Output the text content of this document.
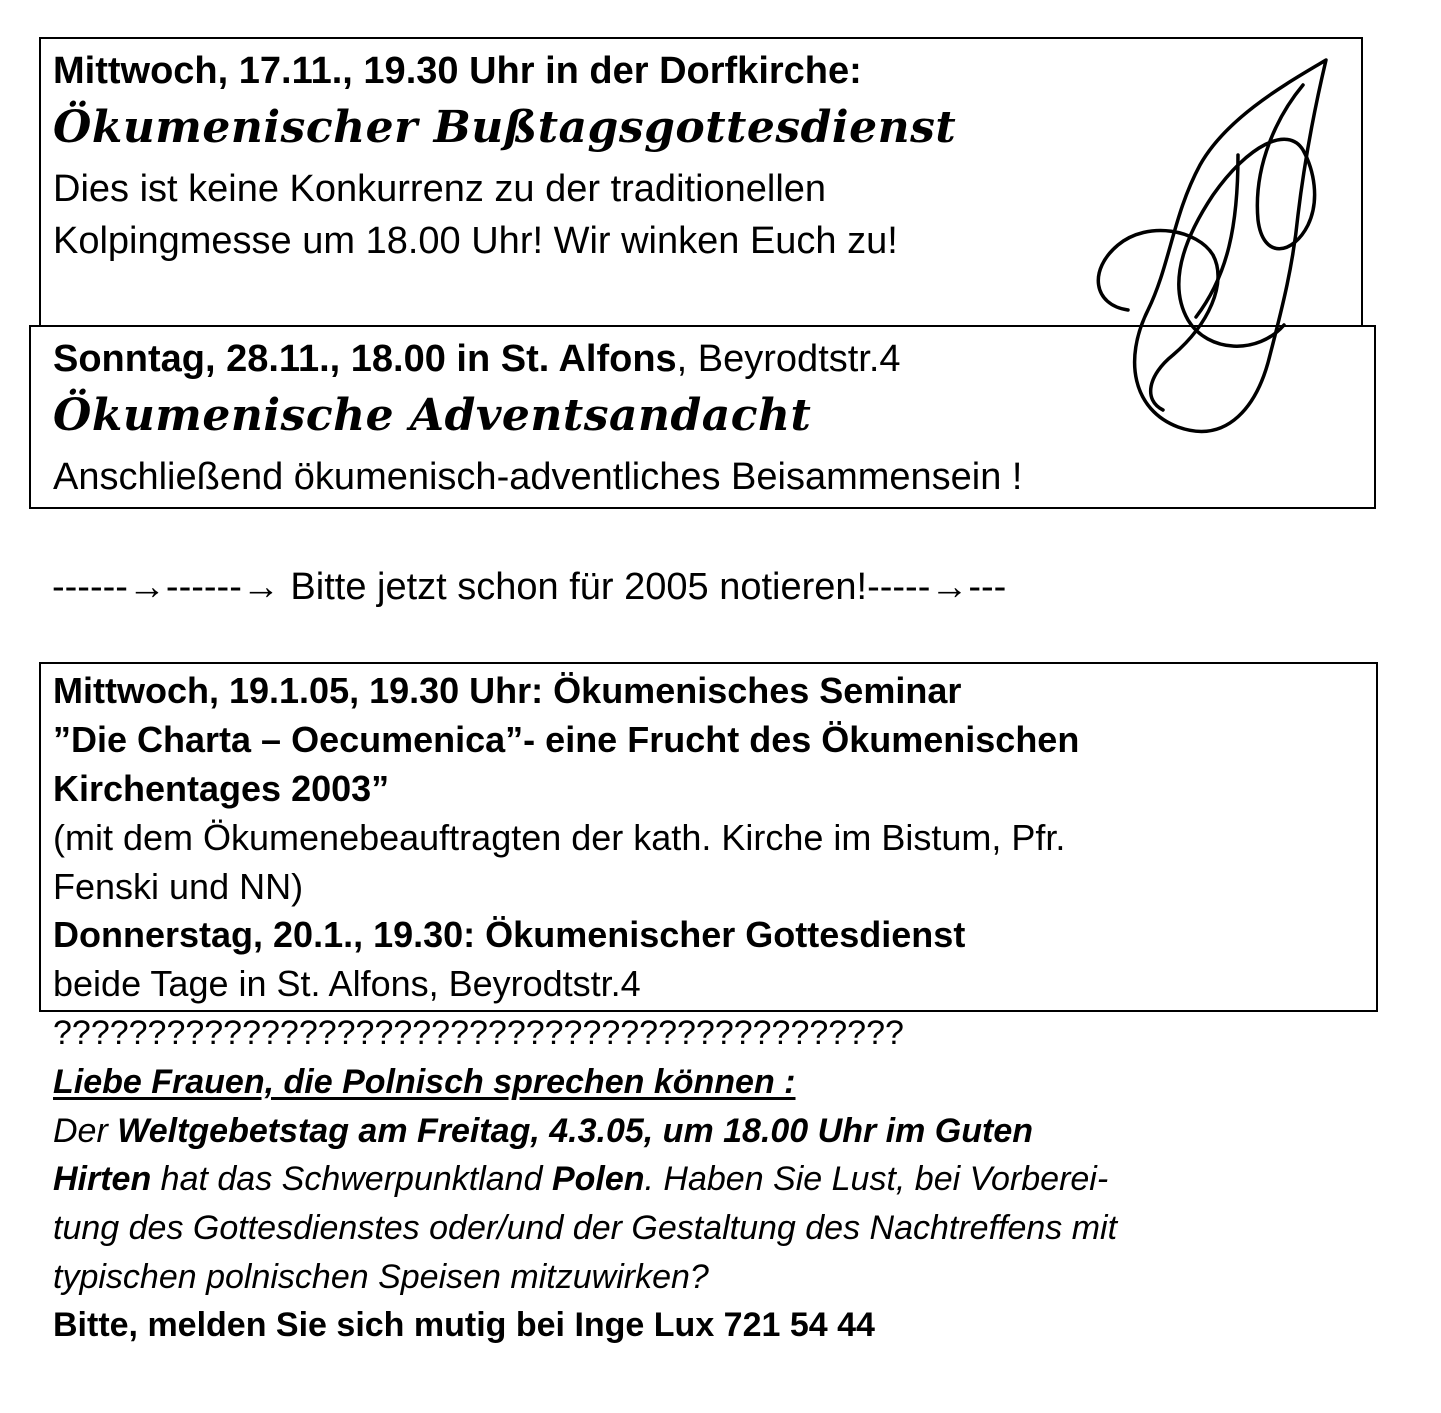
Mittwoch, 17.11., 19.30 Uhr in der Dorfkirche:
Ökumenischer Bußtagsgottesdienst
Dies ist keine Konkurrenz zu der traditionellen
Kolpingmesse um 18.00 Uhr! Wir winken Euch zu!
Sonntag, 28.11., 18.00 in St. Alfons, Beyrodtstr.4
Ökumenische Adventsandacht
Anschließend ökumenisch-adventliches Beisammensein !
------→------→ Bitte jetzt schon für 2005 notieren!-----→---
Mittwoch, 19.1.05, 19.30 Uhr: Ökumenisches Seminar
”Die Charta – Oecumenica”- eine Frucht des Ökumenischen
Kirchentages 2003”
(mit dem Ökumenebeauftragten der kath. Kirche im Bistum, Pfr.
Fenski und NN)
Donnerstag, 20.1., 19.30: Ökumenischer Gottesdienst
beide Tage in St. Alfons, Beyrodtstr.4
?????????????????????????????????????????????
Liebe Frauen, die Polnisch sprechen können :
Der Weltgebetstag am Freitag, 4.3.05, um 18.00 Uhr im Guten
Hirten hat das Schwerpunktland Polen. Haben Sie Lust, bei Vorberei-
tung des Gottesdienstes oder/und der Gestaltung des Nachtreffens mit
typischen polnischen Speisen mitzuwirken?
Bitte, melden Sie sich mutig bei Inge Lux 721 54 44
